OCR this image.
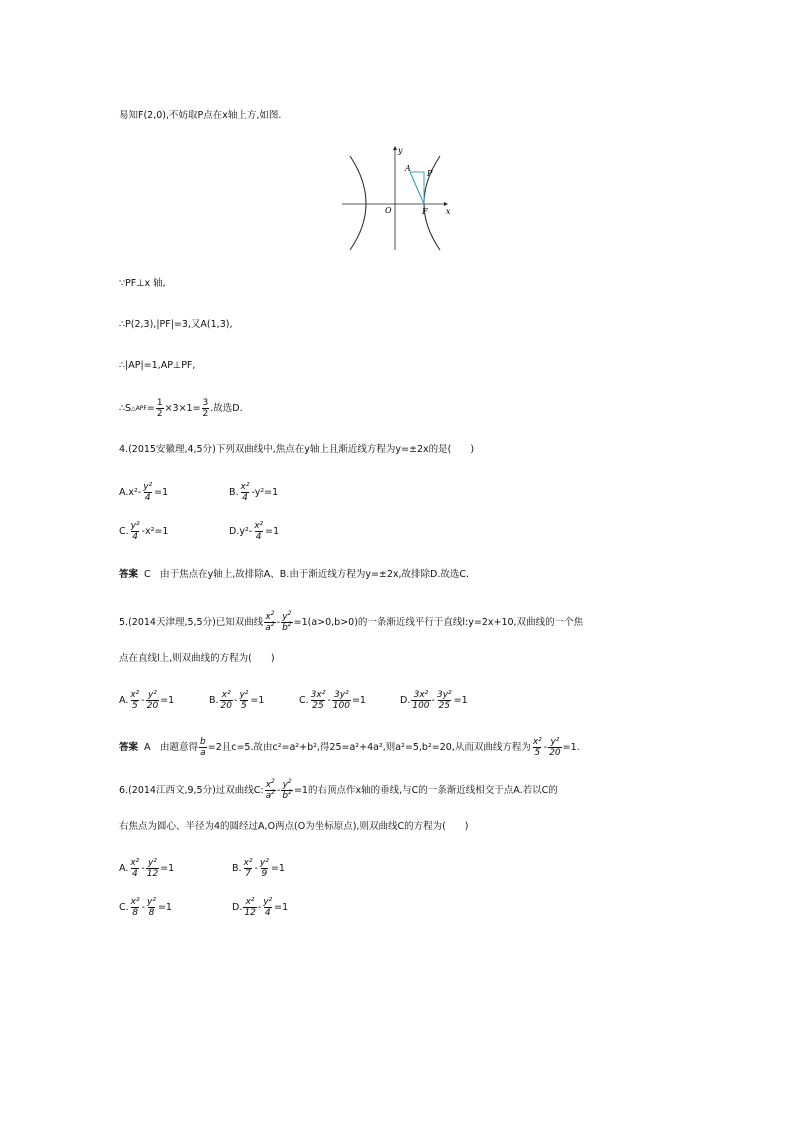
易知F(2,0),不妨取P点在x轴上方,如图.
y
x
O	F
A
P
∵PF⊥x 轴,
∴P(2,3),|PF|=3,又A(1,3),
∴|AP|=1,AP⊥PF,
∴S △APF = $\frac{1}{2} \times 3\times 1= \frac{3}{2}$ .故选D.
4.(2015安徽理,4,5分)下列双曲线中,焦点在y轴上且渐近线方程为y=±2x的是(　　)
A. $x^2- \frac{\text{y²}}{4} =1$	B. $\frac{\text{x²}}{4} -y^2=1$
C. $\frac{\text{y²}}{4} -x^2=1$	D. $y^2- \frac{\text{x²}}{4} =1$
答案 C　由于焦点在y轴上,故排除A、B.由于渐近线方程为y=±2x,故排除D.故选C.
5.(2014天津理,5,5分)已知双曲线 $\frac{x^2}{a^2} - \frac{y^2}{b^2} =1(a>0,b>0)$的一条渐近线平行于直线l:y=2x+10,双曲线的一个焦
点在直线l上,则双曲线的方程为(　　)
A. $\frac{\text{x²}}{5} - \frac{\text{y²}}{20} =1$	B. $\frac{\text{x²}}{20} - \frac{\text{y²}}{5} =1$	C. $\frac{\text{3x²}}{25} - \frac{\text{3y²}}{100} =1$	D. $\frac{\text{3x²}}{100} - \frac{\text{3y²}}{25} =1$
答案 A　由题意得 $\frac{b}{a} =2$且c=5.故由c²=a²+b²,得25=a²+4a²,则a²=5,b²=20,从而双曲线方程为 $\frac{\text{x²}}{5} - \frac{\text{y²}}{20} =1$.
6.(2014江西文,9,5分)过双曲线C: $\frac{x^2}{a^2} - \frac{y^2}{b^2} =1$的右顶点作x轴的垂线,与C的一条渐近线相交于点A.若以C的
右焦点为圆心、半径为4的圆经过A,O两点(O为坐标原点),则双曲线C的方程为(　　)
A. $\frac{\text{x²}}{4} - \frac{\text{y²}}{12} =1$	B. $\frac{\text{x²}}{7} - \frac{\text{y²}}{9} =1$
C. $\frac{\text{x²}}{8} - \frac{\text{y²}}{8} =1$	D. $\frac{\text{x²}}{12} - \frac{\text{y²}}{4} =1$
